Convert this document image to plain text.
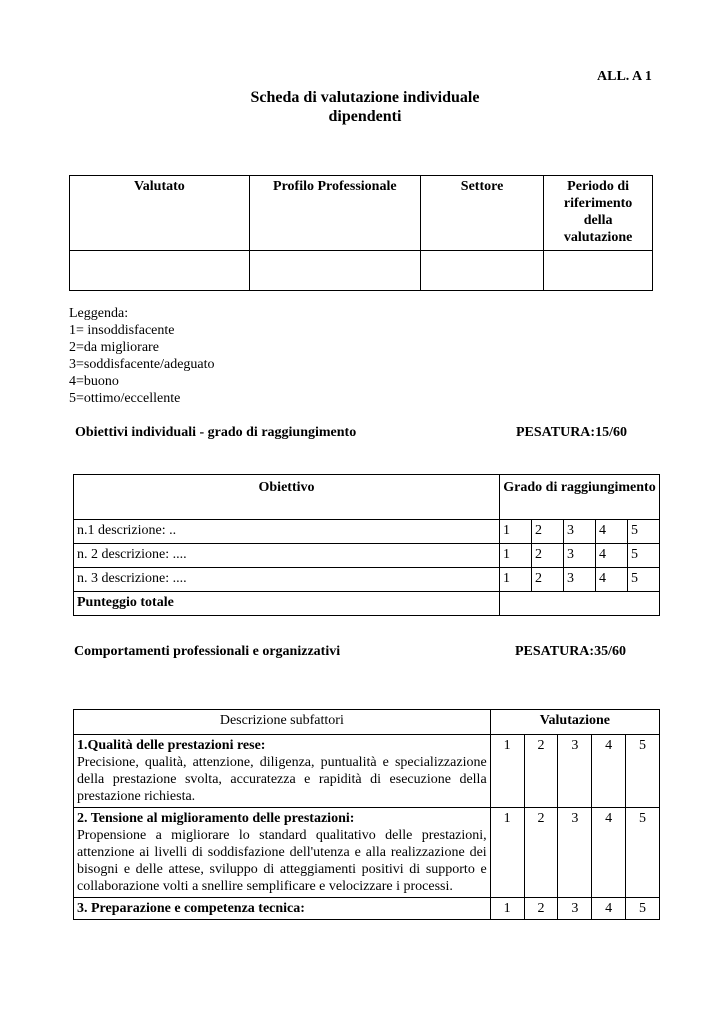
ALL. A 1
Scheda di valutazione individuale
dipendenti
Valutato	Profilo Professionale	Settore	Periodo di riferimento della valutazione

Leggenda:
1= insoddisfacente
2=da migliorare
3=soddisfacente/adeguato
4=buono
5=ottimo/eccellente
Obiettivi individuali - grado di raggiungimento	PESATURA:15/60
Obiettivo	Grado di raggiungimento				
n.1 descrizione: ..	1	2	3	4	5
n. 2 descrizione: ....	1	2	3	4	5
n. 3 descrizione: ....	1	2	3	4	5
Punteggio totale					
Comportamenti professionali e organizzativi	PESATURA:35/60
Descrizione subfattori	Valutazione				

1.Qualità delle prestazioni rese:
Precisione, qualità, attenzione, diligenza, puntualità e specializzazione della prestazione svolta, accuratezza e rapidità di esecuzione della prestazione richiesta.	1	2	3	4	5

2. Tensione al miglioramento delle prestazioni:
Propensione a migliorare lo standard qualitativo delle prestazioni, attenzione ai livelli di soddisfazione dell'utenza e alla realizzazione dei bisogni e delle attese, sviluppo di atteggiamenti positivi di supporto e collaborazione volti a snellire semplificare e velocizzare i processi.	1	2	3	4	5

3. Preparazione e competenza tecnica:	1	2	3	4	5
